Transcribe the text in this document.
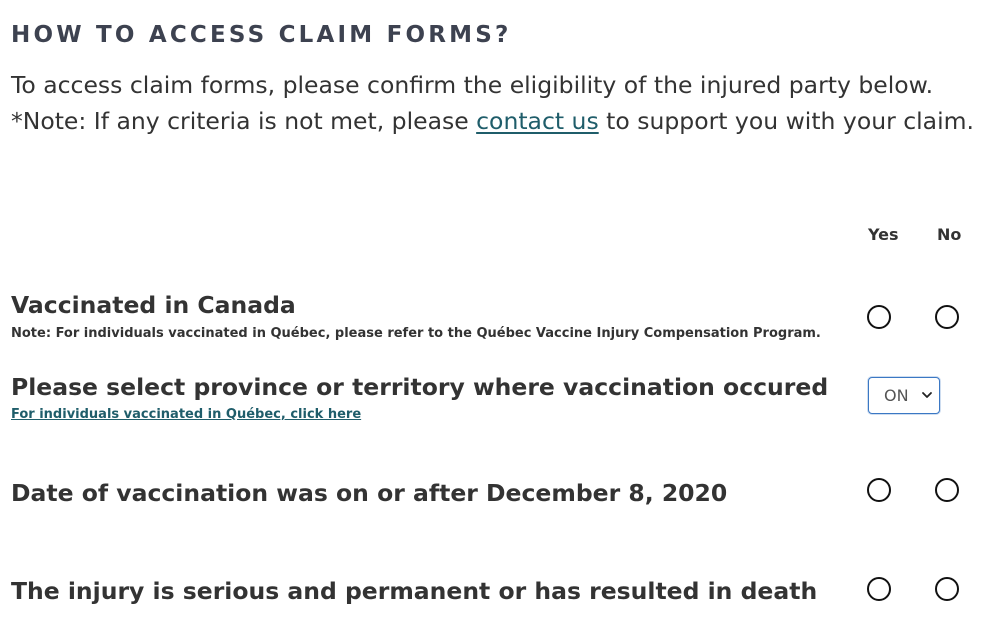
HOW TO ACCESS CLAIM FORMS?
To access claim forms, please confirm the eligibility of the injured party below.
*Note: If any criteria is not met, please contact us to support you with your claim.
Yes No
Vaccinated in Canada
Note: For individuals vaccinated in Québec, please refer to the Québec Vaccine Injury Compensation Program.
Please select province or territory where vaccination occured
For individuals vaccinated in Québec, click here
ON
Date of vaccination was on or after December 8, 2020
The injury is serious and permanent or has resulted in death
